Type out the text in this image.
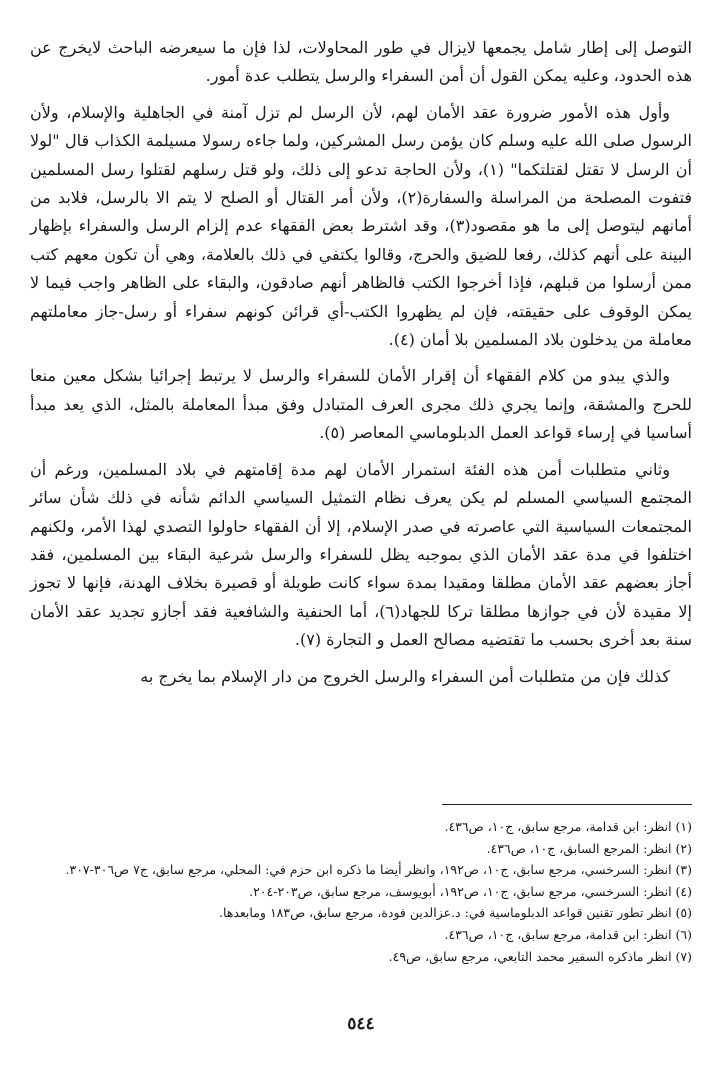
التوصل إلى إطار شامل يجمعها لايزال في طور المحاولات، لذا فإن ما سيعرضه الباحث لايخرج عن هذه الحدود، وعليه يمكن القول أن أمن السفراء والرسل يتطلب عدة أمور.

وأول هذه الأمور ضرورة عقد الأمان لهم، لأن الرسل لم تزل آمنة في الجاهلية والإسلام، ولأن الرسول صلى الله عليه وسلم كان يؤمن رسل المشركين، ولما جاءه رسولا مسيلمة الكذاب قال "لولا أن الرسل لا تقتل لقتلتكما" (١)، ولأن الحاجة تدعو إلى ذلك، ولو قتل رسلهم لقتلوا رسل المسلمين فتفوت المصلحة من المراسلة والسفارة(٢)، ولأن أمر القتال أو الصلح لا يتم الا بالرسل، فلابد من أمانهم ليتوصل إلى ما هو مقصود(٣)، وقد اشترط بعض الفقهاء عدم إلزام الرسل والسفراء بإظهار البينة على أنهم كذلك، رفعا للضيق والحرج، وقالوا يكتفي في ذلك بالعلامة، وهي أن تكون معهم كتب ممن أرسلوا من قبلهم، فإذا أخرجوا الكتب فالظاهر أنهم صادقون، والبقاء على الظاهر واجب فيما لا يمكن الوقوف على حقيقته، فإن لم يظهروا الكتب-أي قرائن كونهم سفراء أو رسل-جاز معاملتهم معاملة من يدخلون بلاد المسلمين بلا أمان (٤).

والذي يبدو من كلام الفقهاء أن إقرار الأمان للسفراء والرسل لا يرتبط إجرائيا بشكل معين منعا للحرج والمشقة، وإنما يجري ذلك مجرى العرف المتبادل وفق مبدأ المعاملة بالمثل، الذي يعد مبدأ أساسيا في إرساء قواعد العمل الدبلوماسي المعاصر (٥).

وثاني متطلبات أمن هذه الفئة استمرار الأمان لهم مدة إقامتهم في بلاد المسلمين، ورغم أن المجتمع السياسي المسلم لم يكن يعرف نظام التمثيل السياسي الدائم شأنه في ذلك شأن سائر المجتمعات السياسية التي عاصرته في صدر الإسلام، إلا أن الفقهاء حاولوا التصدي لهذا الأمر، ولكنهم اختلفوا في مدة عقد الأمان الذي بموجبه يظل للسفراء والرسل شرعية البقاء بين المسلمين، فقد أجاز بعضهم عقد الأمان مطلقا ومقيدا بمدة سواء كانت طويلة أو قصيرة بخلاف الهدنة، فإنها لا تجوز إلا مقيدة لأن في جوازها مطلقا تركا للجهاد(٦)، أما الحنفية والشافعية فقد أجازو تجديد عقد الأمان سنة بعد أخرى بحسب ما تقتضيه مصالح العمل و التجارة (٧).

كذلك فإن من متطلبات أمن السفراء والرسل الخروج من دار الإسلام بما يخرج به

(١) انظر: ابن قدامة، مرجع سابق، ج١٠، ص٤٣٦.

(٢) انظر: المرجع السابق، ج١٠، ص٤٣٦.

(٣) انظر: السرخسي، مرجع سابق، ج١٠، ص١٩٢، وانظر أيضا ما ذكره ابن حزم في: المحلي، مرجع سابق، ج٧ ص٣٠٦-٣٠٧.

(٤) انظر: السرخسي، مرجع سابق، ج١٠، ص١٩٢، أبويوسف، مرجع سابق، ص٢٠٣-٢٠٤.

(٥) انظر تطور تقنين قواعد الدبلوماسية في: د.عزالدين فودة، مرجع سابق، ص١٨٣ ومابعدها.

(٦) انظر: ابن قدامة، مرجع سابق، ج١٠، ص٤٣٦.

(٧) انظر ماذكره السفير محمد التابعي، مرجع سابق، ص٤٩.

٥٤٤
